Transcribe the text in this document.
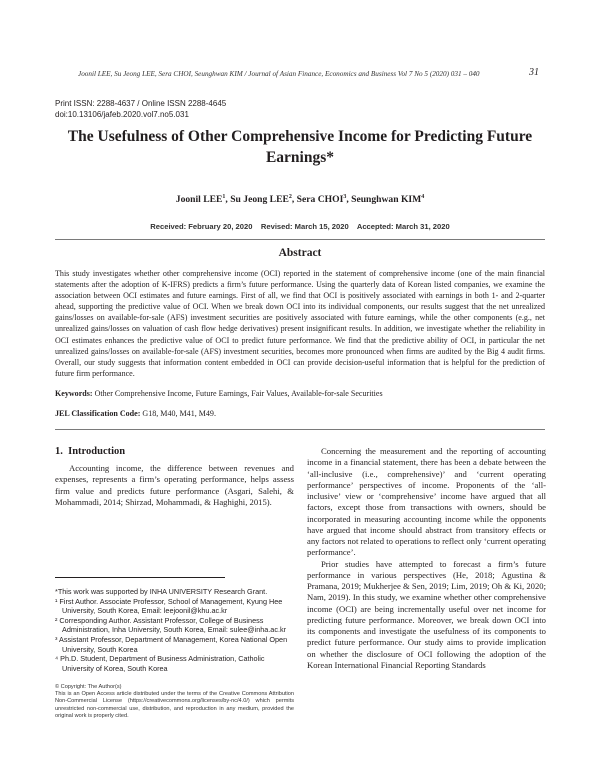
Joonil LEE, Su Jeong LEE, Sera CHOI, Seunghwan KIM / Journal of Asian Finance, Economics and Business Vol 7 No 5 (2020) 031 – 040	31
Print ISSN: 2288-4637 / Online ISSN 2288-4645
doi:10.13106/jafeb.2020.vol7.no5.031
The Usefulness of Other Comprehensive Income for Predicting Future Earnings*
Joonil LEE$^1$, Su Jeong LEE$^2$, Sera CHOI$^3$, Seunghwan KIM$^4$
Received: February 20, 2020    Revised: March 15, 2020    Accepted: March 31, 2020
Abstract
This study investigates whether other comprehensive income (OCI) reported in the statement of comprehensive income (one of the main financial statements after the adoption of K-IFRS) predicts a firm’s future performance. Using the quarterly data of Korean listed companies, we examine the association between OCI estimates and future earnings. First of all, we find that OCI is positively associated with earnings in both 1- and 2-quarter ahead, supporting the predictive value of OCI. When we break down OCI into its individual components, our results suggest that the net unrealized gains/losses on available-for-sale (AFS) investment securities are positively associated with future earnings, while the other components (e.g., net unrealized gains/losses on valuation of cash flow hedge derivatives) present insignificant results. In addition, we investigate whether the reliability in OCI estimates enhances the predictive value of OCI to predict future performance. We find that the predictive ability of OCI, in particular the net unrealized gains/losses on available-for-sale (AFS) investment securities, becomes more pronounced when firms are audited by the Big 4 audit firms. Overall, our study suggests that information content embedded in OCI can provide decision-useful information that is helpful for the prediction of future firm performance.
Keywords: Other Comprehensive Income, Future Earnings, Fair Values, Available-for-sale Securities
JEL Classification Code: G18, M40, M41, M49.
1.  Introduction

Accounting income, the difference between revenues and expenses, represents a firm’s operating performance, helps assess firm value and predicts future performance (Asgari, Salehi, & Mohammadi, 2014; Shirzad, Mohammadi, & Haghighi, 2015).

*This work was supported by INHA UNIVERSITY Research Grant.
¹ First Author. Associate Professor, School of Management, Kyung Hee University, South Korea, Email: leejoonil@khu.ac.kr
² Corresponding Author. Assistant Professor, College of Business Administration, Inha University, South Korea, Email: sulee@inha.ac.kr
³ Assistant Professor, Department of Management, Korea National Open University, South Korea
⁴ Ph.D. Student, Department of Business Administration, Catholic University of Korea, South Korea
© Copyright: The Author(s)
This is an Open Access article distributed under the terms of the Creative Commons Attribution Non-Commercial License (https://creativecommons.org/licenses/by-nc/4.0/) which permits unrestricted non-commercial use, distribution, and reproduction in any medium, provided the original work is properly cited.

Concerning the measurement and the reporting of accounting income in a financial statement, there has been a debate between the ‘all-inclusive (i.e., comprehensive)’ and ‘current operating performance’ perspectives of income. Proponents of the ‘all-inclusive’ view or ‘comprehensive’ income have argued that all factors, except those from transactions with owners, should be incorporated in measuring accounting income while the opponents have argued that income should abstract from transitory effects or any factors not related to operations to reflect only ‘current operating performance’.

Prior studies have attempted to forecast a firm’s future performance in various perspectives (He, 2018; Agustina & Pramana, 2019; Mukherjee & Sen, 2019; Lim, 2019; Oh & Ki, 2020; Nam, 2019). In this study, we examine whether other comprehensive income (OCI) are being incrementally useful over net income for predicting future performance. Moreover, we break down OCI into its components and investigate the usefulness of its components to predict future performance. Our study aims to provide implication on whether the disclosure of OCI following the adoption of the Korean International Financial Reporting Standards
